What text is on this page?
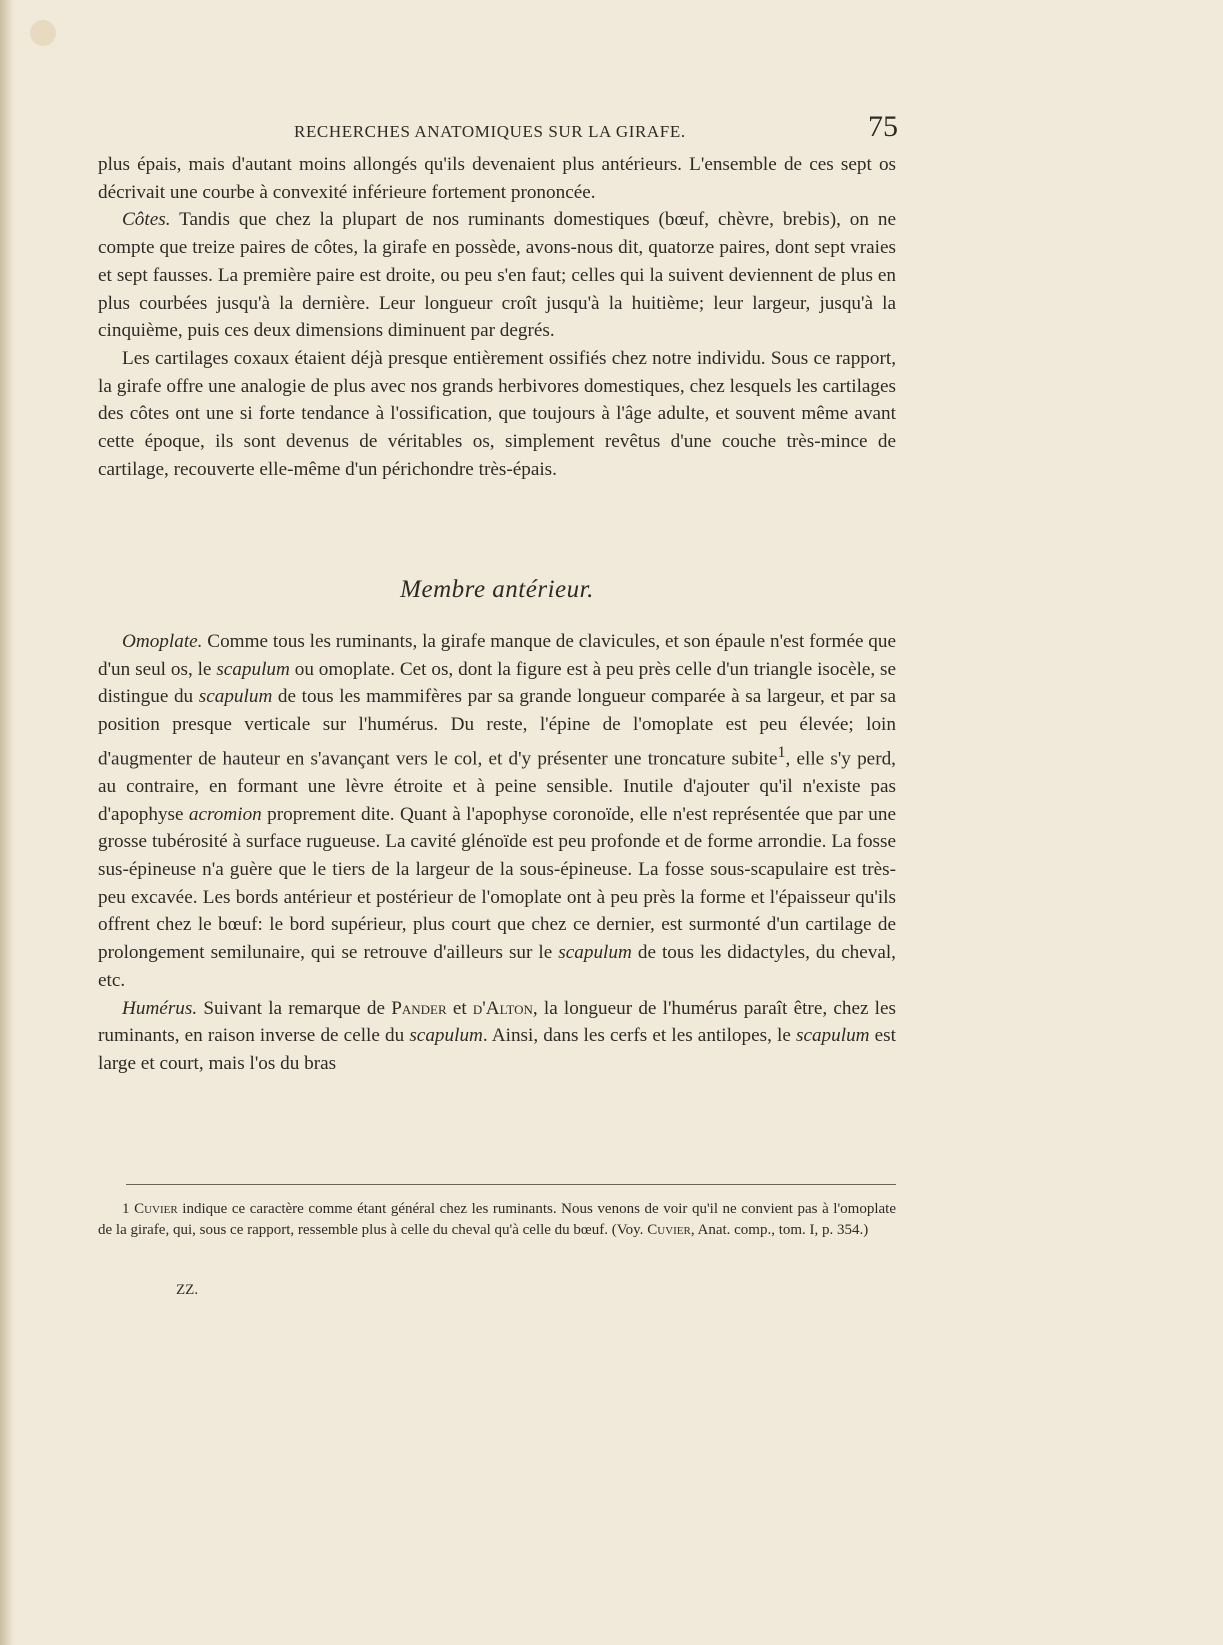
RECHERCHES ANATOMIQUES SUR LA GIRAFE.	75

plus épais, mais d'autant moins allongés qu'ils devenaient plus antérieurs. L'ensemble de ces sept os décrivait une courbe à convexité inférieure fortement prononcée.

Côtes. Tandis que chez la plupart de nos ruminants domestiques (bœuf, chèvre, brebis), on ne compte que treize paires de côtes, la girafe en possède, avons-nous dit, quatorze paires, dont sept vraies et sept fausses. La première paire est droite, ou peu s'en faut; celles qui la suivent deviennent de plus en plus courbées jusqu'à la dernière. Leur longueur croît jusqu'à la huitième; leur largeur, jusqu'à la cinquième, puis ces deux dimensions diminuent par degrés.

Les cartilages coxaux étaient déjà presque entièrement ossifiés chez notre individu. Sous ce rapport, la girafe offre une analogie de plus avec nos grands herbivores domestiques, chez lesquels les cartilages des côtes ont une si forte tendance à l'ossification, que toujours à l'âge adulte, et souvent même avant cette époque, ils sont devenus de véritables os, simplement revêtus d'une couche très-mince de cartilage, recouverte elle-même d'un périchondre très-épais.

Membre antérieur.

Omoplate. Comme tous les ruminants, la girafe manque de clavicules, et son épaule n'est formée que d'un seul os, le scapulum ou omoplate. Cet os, dont la figure est à peu près celle d'un triangle isocèle, se distingue du scapulum de tous les mammifères par sa grande longueur comparée à sa largeur, et par sa position presque verticale sur l'humérus. Du reste, l'épine de l'omoplate est peu élevée; loin d'augmenter de hauteur en s'avançant vers le col, et d'y présenter une troncature subite$^1$, elle s'y perd, au contraire, en formant une lèvre étroite et à peine sensible. Inutile d'ajouter qu'il n'existe pas d'apophyse acromion proprement dite. Quant à l'apophyse coronoïde, elle n'est représentée que par une grosse tubérosité à surface rugueuse. La cavité glénoïde est peu profonde et de forme arrondie. La fosse sus-épineuse n'a guère que le tiers de la largeur de la sous-épineuse. La fosse sous-scapulaire est très-peu excavée. Les bords antérieur et postérieur de l'omoplate ont à peu près la forme et l'épaisseur qu'ils offrent chez le bœuf: le bord supérieur, plus court que chez ce dernier, est surmonté d'un cartilage de prolongement semilunaire, qui se retrouve d'ailleurs sur le scapulum de tous les didactyles, du cheval, etc.

Humérus. Suivant la remarque de Pander et d'Alton, la longueur de l'humérus paraît être, chez les ruminants, en raison inverse de celle du scapulum. Ainsi, dans les cerfs et les antilopes, le scapulum est large et court, mais l'os du bras

1 Cuvier indique ce caractère comme étant général chez les ruminants. Nous venons de voir qu'il ne convient pas à l'omoplate de la girafe, qui, sous ce rapport, ressemble plus à celle du cheval qu'à celle du bœuf. (Voy. Cuvier, Anat. comp., tom. I, p. 354.)

ZZ.
